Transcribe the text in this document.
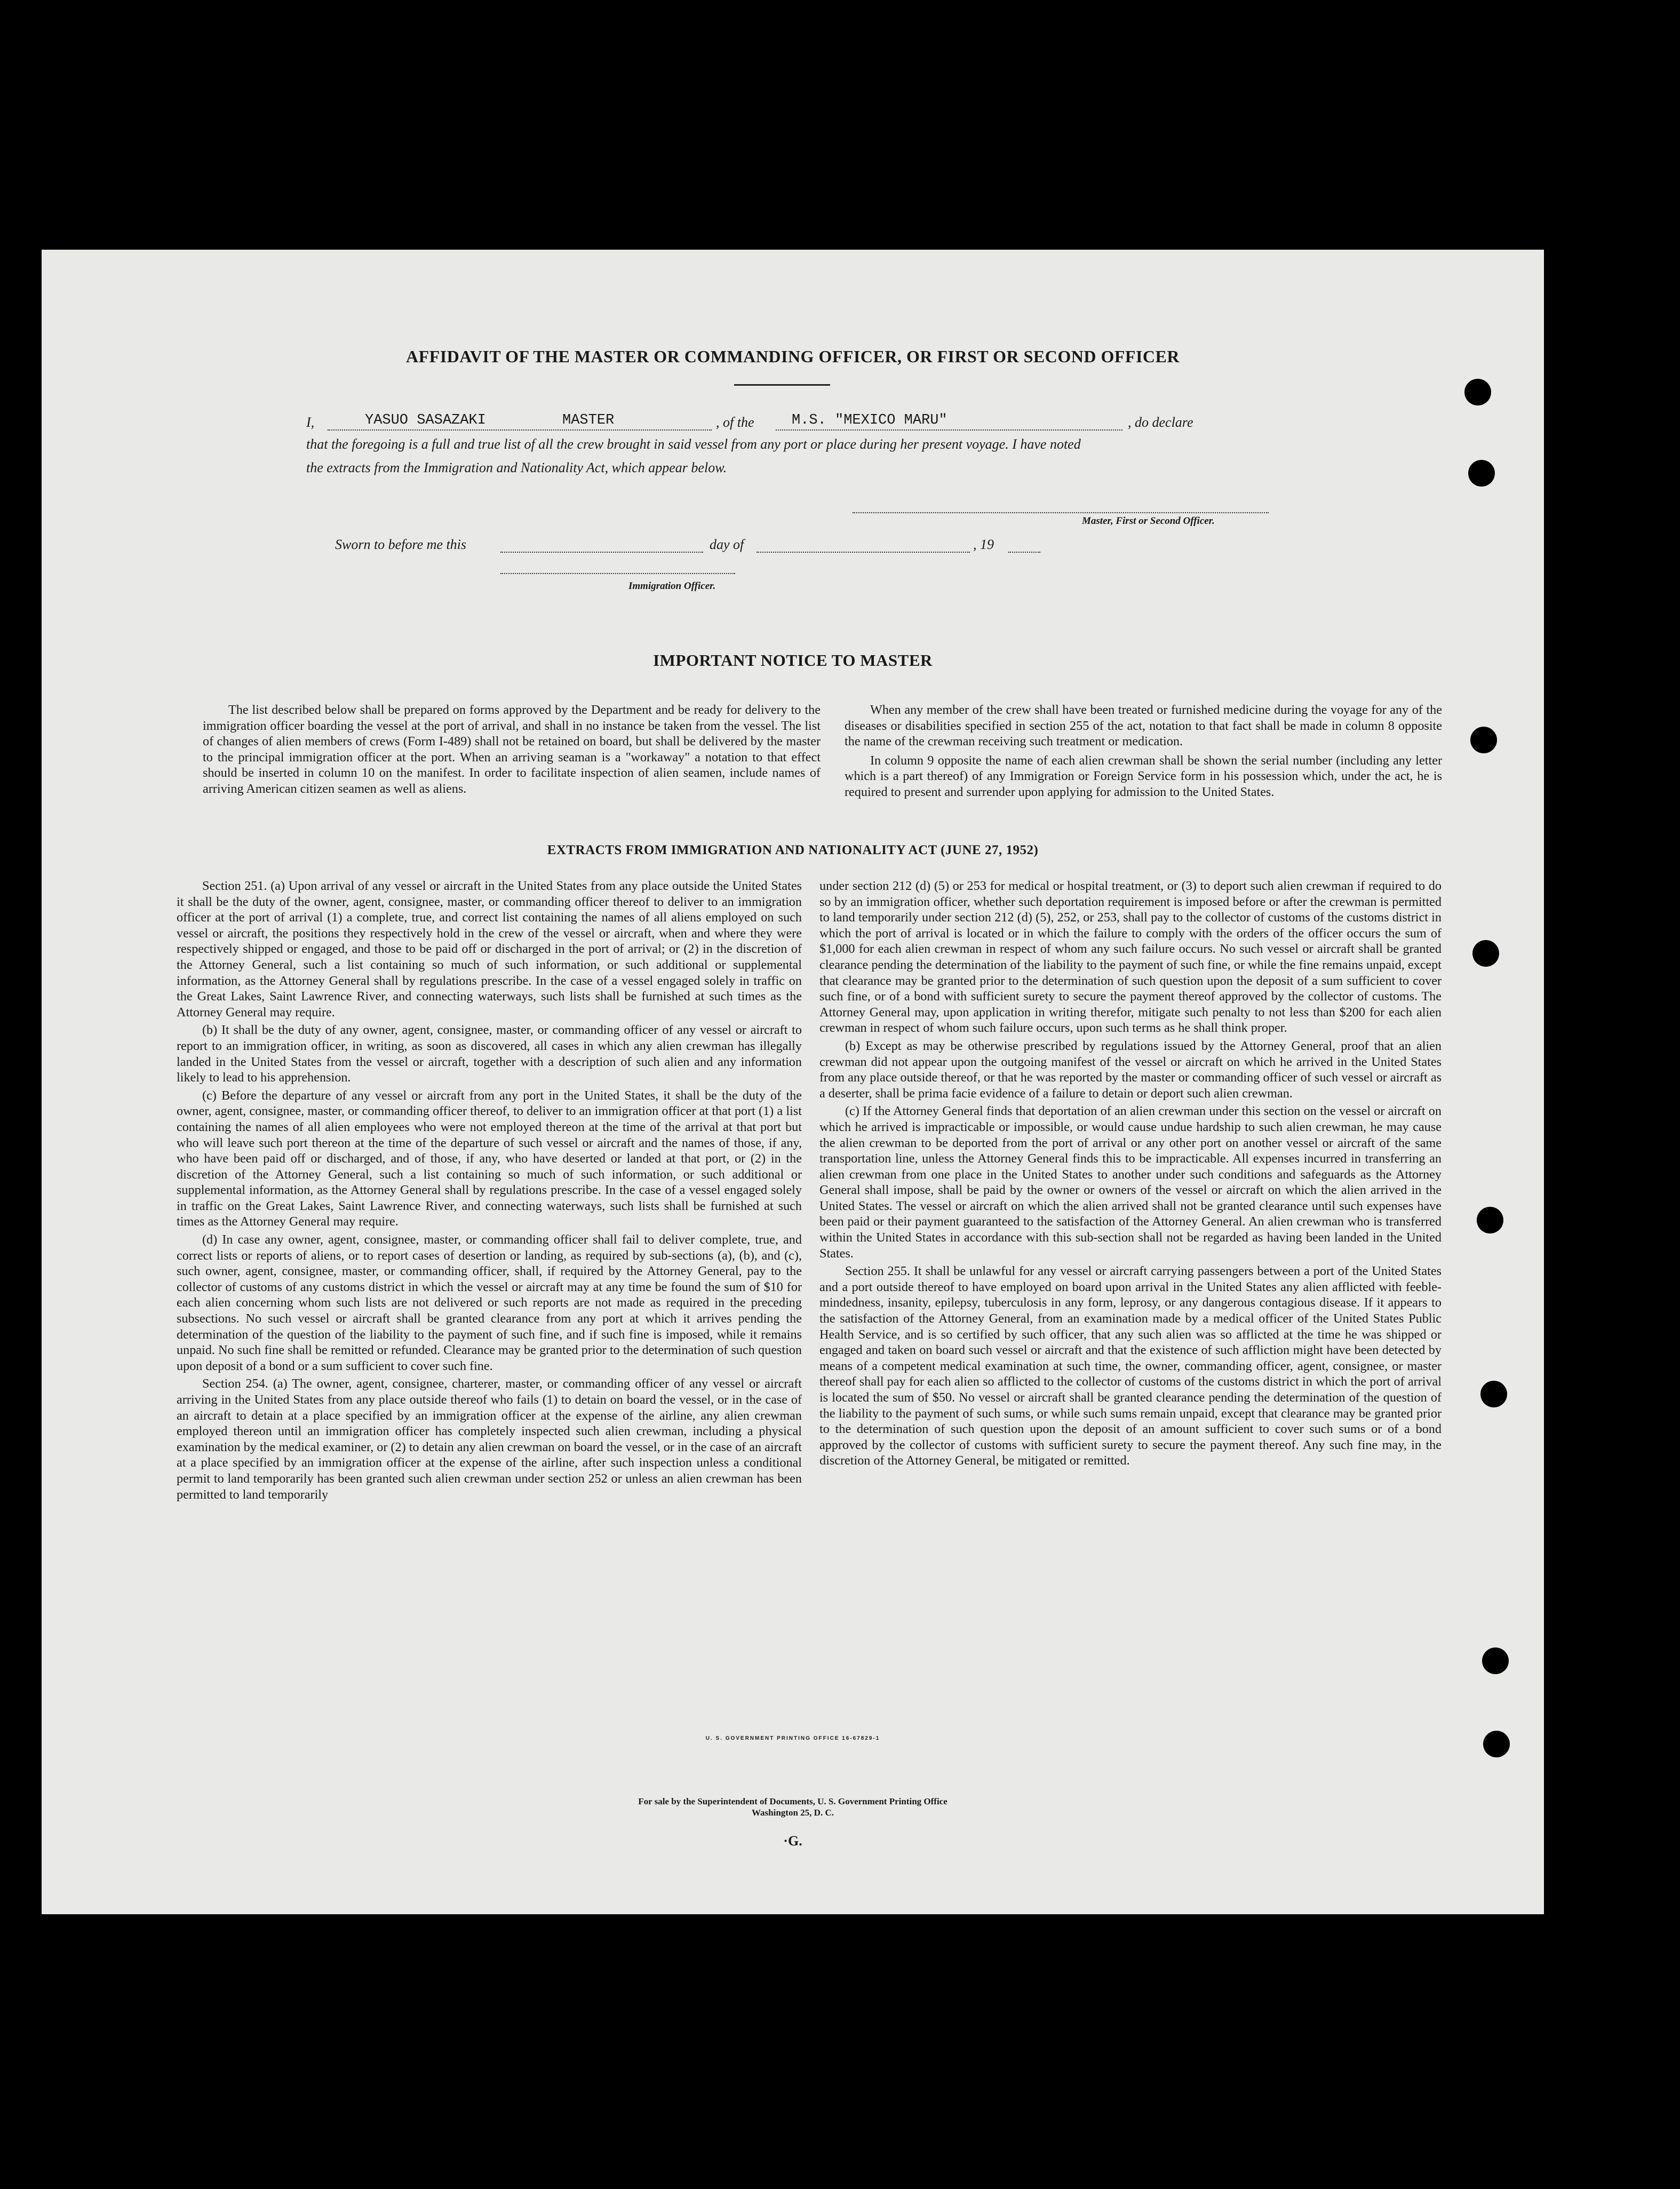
AFFIDAVIT OF THE MASTER OR COMMANDING OFFICER, OR FIRST OR SECOND OFFICER
I,	YASUO SASAZAKI	MASTER	, of the	M.S. "MEXICO MARU"	, do declare
that the foregoing is a full and true list of all the crew brought in said vessel from any port or place during her present voyage. I have noted
the extracts from the Immigration and Nationality Act, which appear below.
Master, First or Second Officer.
Sworn to before me this	day of	, 19
Immigration Officer.
IMPORTANT NOTICE TO MASTER

The list described below shall be prepared on forms approved by the Department and be ready for delivery to the immigration officer boarding the vessel at the port of arrival, and shall in no instance be taken from the vessel. The list of changes of alien members of crews (Form I-489) shall not be retained on board, but shall be delivered by the master to the principal immigration officer at the port. When an arriving seaman is a "workaway" a notation to that effect should be inserted in column 10 on the manifest. In order to facilitate inspection of alien seamen, include names of arriving American citizen seamen as well as aliens.

When any member of the crew shall have been treated or furnished medicine during the voyage for any of the diseases or disabilities specified in section 255 of the act, notation to that fact shall be made in column 8 opposite the name of the crewman receiving such treatment or medication.

In column 9 opposite the name of each alien crewman shall be shown the serial number (including any letter which is a part thereof) of any Immigration or Foreign Service form in his possession which, under the act, he is required to present and surrender upon applying for admission to the United States.

EXTRACTS FROM IMMIGRATION AND NATIONALITY ACT (JUNE 27, 1952)

Section 251. (a) Upon arrival of any vessel or aircraft in the United States from any place outside the United States it shall be the duty of the owner, agent, consignee, master, or commanding officer thereof to deliver to an immigration officer at the port of arrival (1) a complete, true, and correct list containing the names of all aliens employed on such vessel or aircraft, the positions they respectively hold in the crew of the vessel or aircraft, when and where they were respectively shipped or engaged, and those to be paid off or discharged in the port of arrival; or (2) in the discretion of the Attorney General, such a list containing so much of such information, or such additional or supplemental information, as the Attorney General shall by regulations prescribe. In the case of a vessel engaged solely in traffic on the Great Lakes, Saint Lawrence River, and connecting waterways, such lists shall be furnished at such times as the Attorney General may require.

(b) It shall be the duty of any owner, agent, consignee, master, or commanding officer of any vessel or aircraft to report to an immigration officer, in writing, as soon as discovered, all cases in which any alien crewman has illegally landed in the United States from the vessel or aircraft, together with a description of such alien and any information likely to lead to his apprehension.

(c) Before the departure of any vessel or aircraft from any port in the United States, it shall be the duty of the owner, agent, consignee, master, or commanding officer thereof, to deliver to an immigration officer at that port (1) a list containing the names of all alien employees who were not employed thereon at the time of the arrival at that port but who will leave such port thereon at the time of the departure of such vessel or aircraft and the names of those, if any, who have been paid off or discharged, and of those, if any, who have deserted or landed at that port, or (2) in the discretion of the Attorney General, such a list containing so much of such information, or such additional or supplemental information, as the Attorney General shall by regulations prescribe. In the case of a vessel engaged solely in traffic on the Great Lakes, Saint Lawrence River, and connecting waterways, such lists shall be furnished at such times as the Attorney General may require.

(d) In case any owner, agent, consignee, master, or commanding officer shall fail to deliver complete, true, and correct lists or reports of aliens, or to report cases of desertion or landing, as required by sub-sections (a), (b), and (c), such owner, agent, consignee, master, or commanding officer, shall, if required by the Attorney General, pay to the collector of customs of any customs district in which the vessel or aircraft may at any time be found the sum of $10 for each alien concerning whom such lists are not delivered or such reports are not made as required in the preceding subsections. No such vessel or aircraft shall be granted clearance from any port at which it arrives pending the determination of the question of the liability to the payment of such fine, and if such fine is imposed, while it remains unpaid. No such fine shall be remitted or refunded. Clearance may be granted prior to the determination of such question upon deposit of a bond or a sum sufficient to cover such fine.

Section 254. (a) The owner, agent, consignee, charterer, master, or commanding officer of any vessel or aircraft arriving in the United States from any place outside thereof who fails (1) to detain on board the vessel, or in the case of an aircraft to detain at a place specified by an immigration officer at the expense of the airline, any alien crewman employed thereon until an immigration officer has completely inspected such alien crewman, including a physical examination by the medical examiner, or (2) to detain any alien crewman on board the vessel, or in the case of an aircraft at a place specified by an immigration officer at the expense of the airline, after such inspection unless a conditional permit to land temporarily has been granted such alien crewman under section 252 or unless an alien crewman has been permitted to land temporarily

under section 212 (d) (5) or 253 for medical or hospital treatment, or (3) to deport such alien crewman if required to do so by an immigration officer, whether such deportation requirement is imposed before or after the crewman is permitted to land temporarily under section 212 (d) (5), 252, or 253, shall pay to the collector of customs of the customs district in which the port of arrival is located or in which the failure to comply with the orders of the officer occurs the sum of $1,000 for each alien crewman in respect of whom any such failure occurs. No such vessel or aircraft shall be granted clearance pending the determination of the liability to the payment of such fine, or while the fine remains unpaid, except that clearance may be granted prior to the determination of such question upon the deposit of a sum sufficient to cover such fine, or of a bond with sufficient surety to secure the payment thereof approved by the collector of customs. The Attorney General may, upon application in writing therefor, mitigate such penalty to not less than $200 for each alien crewman in respect of whom such failure occurs, upon such terms as he shall think proper.

(b) Except as may be otherwise prescribed by regulations issued by the Attorney General, proof that an alien crewman did not appear upon the outgoing manifest of the vessel or aircraft on which he arrived in the United States from any place outside thereof, or that he was reported by the master or commanding officer of such vessel or aircraft as a deserter, shall be prima facie evidence of a failure to detain or deport such alien crewman.

(c) If the Attorney General finds that deportation of an alien crewman under this section on the vessel or aircraft on which he arrived is impracticable or impossible, or would cause undue hardship to such alien crewman, he may cause the alien crewman to be deported from the port of arrival or any other port on another vessel or aircraft of the same transportation line, unless the Attorney General finds this to be impracticable. All expenses incurred in transferring an alien crewman from one place in the United States to another under such conditions and safeguards as the Attorney General shall impose, shall be paid by the owner or owners of the vessel or aircraft on which the alien arrived in the United States. The vessel or aircraft on which the alien arrived shall not be granted clearance until such expenses have been paid or their payment guaranteed to the satisfaction of the Attorney General. An alien crewman who is transferred within the United States in accordance with this sub-section shall not be regarded as having been landed in the United States.

Section 255. It shall be unlawful for any vessel or aircraft carrying passengers between a port of the United States and a port outside thereof to have employed on board upon arrival in the United States any alien afflicted with feeble-mindedness, insanity, epilepsy, tuberculosis in any form, leprosy, or any dangerous contagious disease. If it appears to the satisfaction of the Attorney General, from an examination made by a medical officer of the United States Public Health Service, and is so certified by such officer, that any such alien was so afflicted at the time he was shipped or engaged and taken on board such vessel or aircraft and that the existence of such affliction might have been detected by means of a competent medical examination at such time, the owner, commanding officer, agent, consignee, or master thereof shall pay for each alien so afflicted to the collector of customs of the customs district in which the port of arrival is located the sum of $50. No vessel or aircraft shall be granted clearance pending the determination of the question of the liability to the payment of such sums, or while such sums remain unpaid, except that clearance may be granted prior to the determination of such question upon the deposit of an amount sufficient to cover such sums or of a bond approved by the collector of customs with sufficient surety to secure the payment thereof. Any such fine may, in the discretion of the Attorney General, be mitigated or remitted.

U. S. GOVERNMENT PRINTING OFFICE 16-67829-1
For sale by the Superintendent of Documents, U. S. Government Printing Office
Washington 25, D. C.
·G.
